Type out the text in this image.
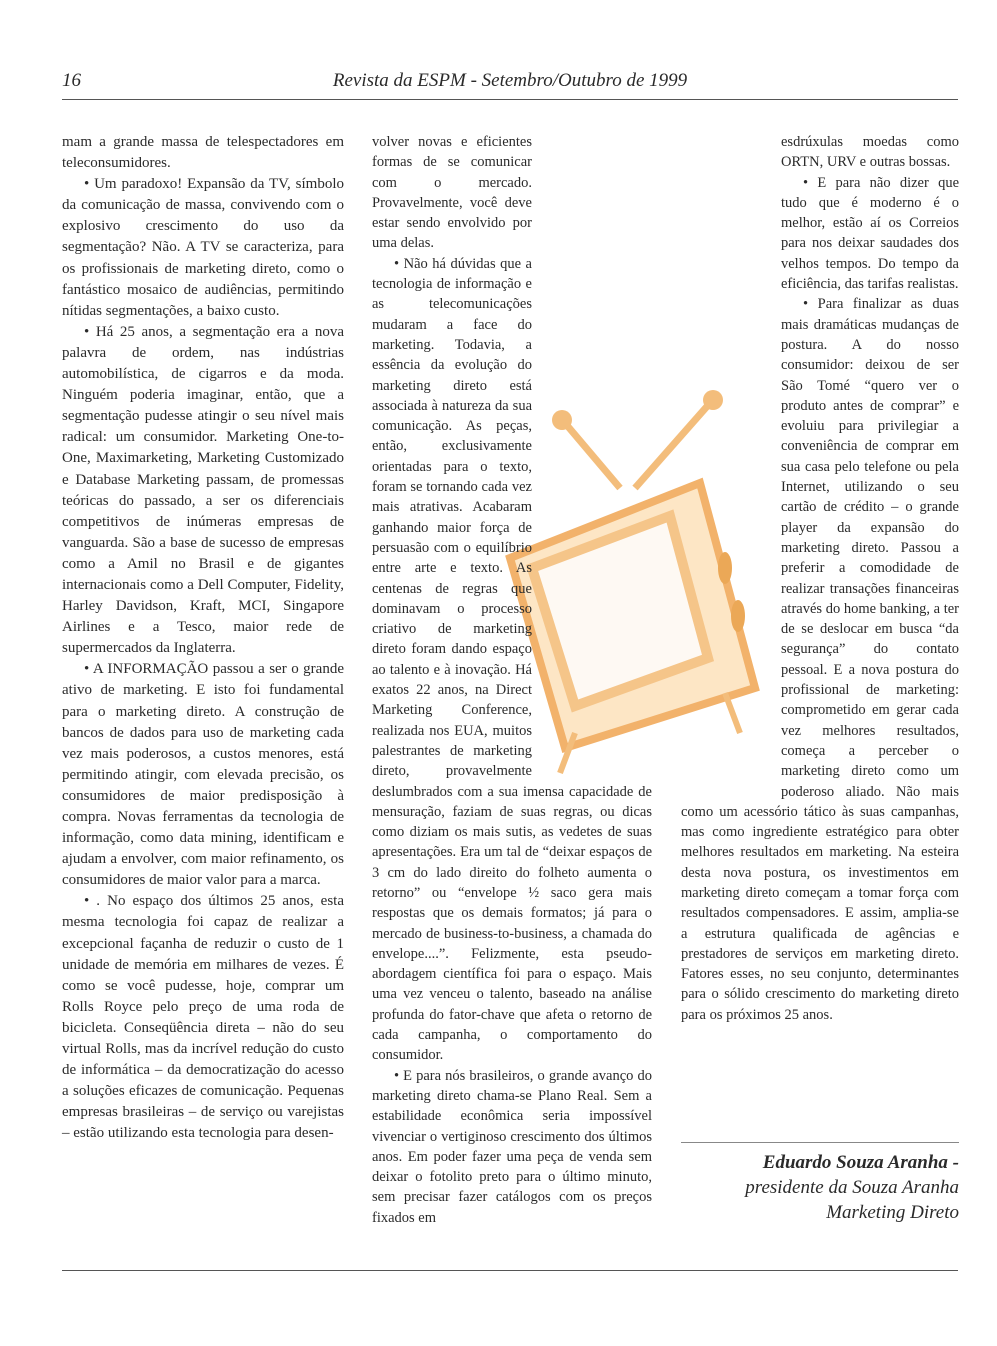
16	Revista da ESPM - Setembro/Outubro de 1999

mam a grande massa de telespectadores em teleconsumidores.

• Um paradoxo! Expansão da TV, símbolo da comunicação de massa, convivendo com o explosivo crescimento do uso da segmentação? Não. A TV se caracteriza, para os profissionais de marketing direto, como o fantástico mosaico de audiências, permitindo nítidas segmentações, a baixo custo.

• Há 25 anos, a segmentação era a nova palavra de ordem, nas indústrias automobilística, de cigarros e da moda. Ninguém poderia imaginar, então, que a segmentação pudesse atingir o seu nível mais radical: um consumidor. Marketing One-to-One, Maximarketing, Marketing Customizado e Database Marketing passam, de promessas teóricas do passado, a ser os diferenciais competitivos de inúmeras empresas de vanguarda. São a base de sucesso de empresas como a Amil no Brasil e de gigantes internacionais como a Dell Computer, Fidelity, Harley Davidson, Kraft, MCI, Singapore Airlines e a Tesco, maior rede de supermercados da Inglaterra.

• A INFORMAÇÃO passou a ser o grande ativo de marketing. E isto foi fundamental para o marketing direto. A construção de bancos de dados para uso de marketing cada vez mais poderosos, a custos menores, está permitindo atingir, com elevada precisão, os consumidores de maior predisposição à compra. Novas ferramentas da tecnologia de informação, como data mining, identificam e ajudam a envolver, com maior refinamento, os consumidores de maior valor para a marca.

• . No espaço dos últimos 25 anos, esta mesma tecnologia foi capaz de realizar a excepcional façanha de reduzir o custo de 1 unidade de memória em milhares de vezes. É como se você pudesse, hoje, comprar um Rolls Royce pelo preço de uma roda de bicicleta. Conseqüência direta – não do seu virtual Rolls, mas da incrível redução do custo de informática – da democratização do acesso a soluções eficazes de comunicação. Pequenas empresas brasileiras – de serviço ou varejistas – estão utilizando esta tecnologia para desen-

volver novas e eficientes formas de se comunicar com o mercado. Provavelmente, você deve estar sendo envolvido por uma delas.

• Não há dúvidas que a tecnologia de informação e as telecomunicações mudaram a face do marketing. Todavia, a essência da evolução do marketing direto está associada à natureza da sua comunicação. As peças, então, exclusivamente orientadas para o texto, foram se tornando cada vez mais atrativas. Acabaram ganhando maior força de persuasão com o equilíbrio entre arte e texto. As centenas de regras que dominavam o processo criativo de marketing direto foram dando espaço ao talento e à inovação. Há exatos 22 anos, na Direct Marketing Conference, realizada nos EUA, muitos palestrantes de marketing direto, provavelmente deslumbrados com a sua imensa capacidade de mensuração, faziam de suas regras, ou dicas como diziam os mais sutis, as vedetes de suas apresentações. Era um tal de “deixar espaços de 3 cm do lado direito do folheto aumenta o retorno” ou “envelope ½ saco gera mais respostas que os demais formatos; já para o mercado de business-to-business, a chamada do envelope....”. Felizmente, esta pseudo-abordagem científica foi para o espaço. Mais uma vez venceu o talento, baseado na análise profunda do fator-chave que afeta o retorno de cada campanha, o comportamento do consumidor.

• E para nós brasileiros, o grande avanço do marketing direto chama-se Plano Real. Sem a estabilidade econômica seria impossível vivenciar o vertiginoso crescimento dos últimos anos. Em poder fazer uma peça de venda sem deixar o fotolito preto para o último minuto, sem precisar fazer catálogos com os preços fixados em

esdrúxulas moedas como ORTN, URV e outras bossas.

• E para não dizer que tudo que é moderno é o melhor, estão aí os Correios para nos deixar saudades dos velhos tempos. Do tempo da eficiência, das tarifas realistas.

• Para finalizar as duas mais dramáticas mudanças de postura. A do nosso consumidor: deixou de ser São Tomé “quero ver o produto antes de comprar” e evoluiu para privilegiar a conveniência de comprar em sua casa pelo telefone ou pela Internet, utilizando o seu cartão de crédito – o grande player da expansão do marketing direto. Passou a preferir a comodidade de realizar transações financeiras através do home banking, a ter de se deslocar em busca “da segurança” do contato pessoal. E a nova postura do profissional de marketing: comprometido em gerar cada vez melhores resultados, começa a perceber o marketing direto como um poderoso aliado. Não mais como um acessório tático às suas campanhas, mas como ingrediente estratégico para obter melhores resultados em marketing. Na esteira desta nova postura, os investimentos em marketing direto começam a tomar força com resultados compensadores. E assim, amplia-se a estrutura qualificada de agências e prestadores de serviços em marketing direto. Fatores esses, no seu conjunto, determinantes para o sólido crescimento do marketing direto para os próximos 25 anos.

Eduardo Souza Aranha -
presidente da Souza Aranha
Marketing Direto
